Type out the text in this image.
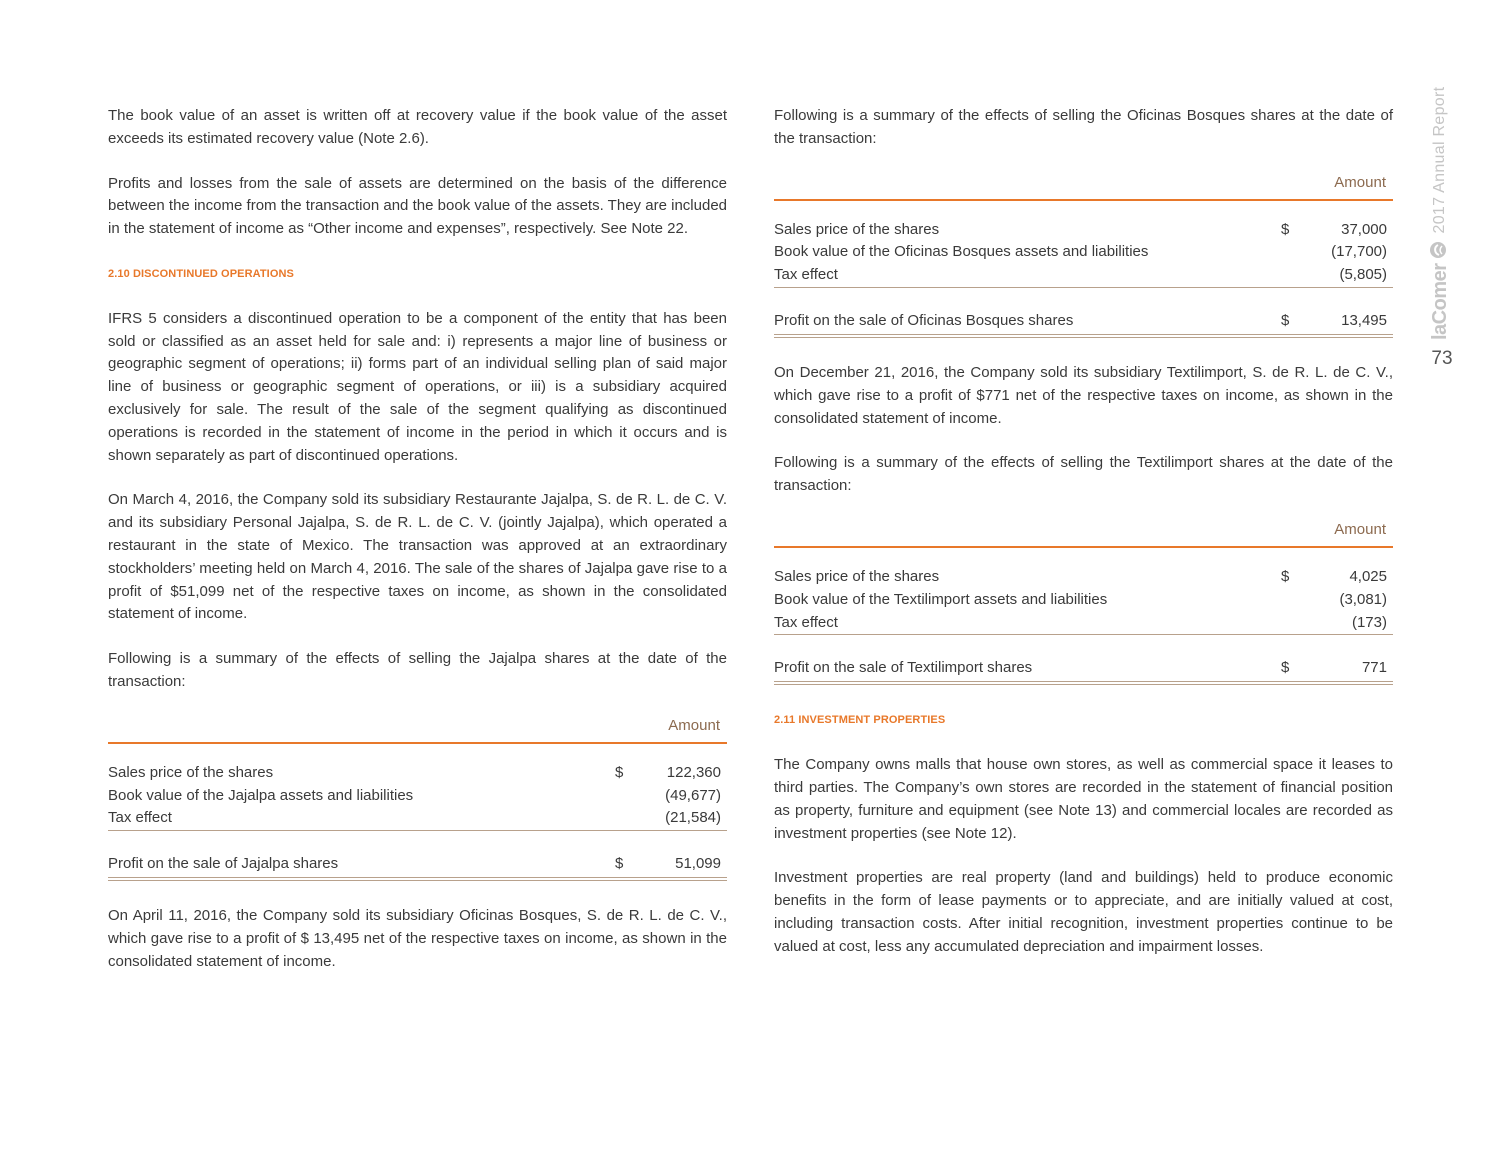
The book value of an asset is written off at recovery value if the book value of the asset exceeds its estimated recovery value (Note 2.6).

Profits and losses from the sale of assets are determined on the basis of the difference between the income from the transaction and the book value of the assets. They are included in the statement of income as “Other income and expenses”, respectively. See Note 22.

2.10 DISCONTINUED OPERATIONS

IFRS 5 considers a discontinued operation to be a component of the entity that has been sold or classified as an asset held for sale and: i) represents a major line of business or geographic segment of operations; ii) forms part of an individual selling plan of said major line of business or geographic segment of operations, or iii) is a subsidiary acquired exclusively for sale. The result of the sale of the segment qualifying as discontinued operations is recorded in the statement of income in the period in which it occurs and is shown separately as part of discontinued operations.

On March 4, 2016, the Company sold its subsidiary Restaurante Jajalpa, S. de R. L. de C. V. and its subsidiary Personal Jajalpa, S. de R. L. de C. V. (jointly Jajalpa), which operated a restaurant in the state of Mexico. The transaction was approved at an extraordinary stockholders’ meeting held on March 4, 2016. The sale of the shares of Jajalpa gave rise to a profit of $51,099 net of the respective taxes on income, as shown in the consolidated statement of income.

Following is a summary of the effects of selling the Jajalpa shares at the date of the transaction:

Amount
Sales price of the shares	$	122,360
Book value of the Jajalpa assets and liabilities	(49,677)
Tax effect	(21,584)
Profit on the sale of Jajalpa shares	$	51,099

On April 11, 2016, the Company sold its subsidiary Oficinas Bosques, S. de R. L. de C. V., which gave rise to a profit of $ 13,495 net of the respective taxes on income, as shown in the consolidated statement of income.

Following is a summary of the effects of selling the Oficinas Bosques shares at the date of the transaction:

Amount
Sales price of the shares	$	37,000
Book value of the Oficinas Bosques assets and liabilities	(17,700)
Tax effect	(5,805)
Profit on the sale of Oficinas Bosques shares	$	13,495

On December 21, 2016, the Company sold its subsidiary Textilimport, S. de R. L. de C. V., which gave rise to a profit of $771 net of the respective taxes on income, as shown in the consolidated statement of income.

Following is a summary of the effects of selling the Textilimport shares at the date of the transaction:

Amount
Sales price of the shares	$	4,025
Book value of the Textilimport assets and liabilities	(3,081)
Tax effect	(173)
Profit on the sale of Textilimport shares	$	771
2.11 INVESTMENT PROPERTIES

The Company owns malls that house own stores, as well as commercial space it leases to third parties. The Company’s own stores are recorded in the statement of financial position as property, furniture and equipment (see Note 13) and commercial locales are recorded as investment properties (see Note 12).

Investment properties are real property (land and buildings) held to produce economic benefits in the form of lease payments or to appreciate, and are initially valued at cost, including transaction costs. After initial recognition, investment properties continue to be valued at cost, less any accumulated depreciation and impairment losses.

laComer
2017 Annual Report
73
